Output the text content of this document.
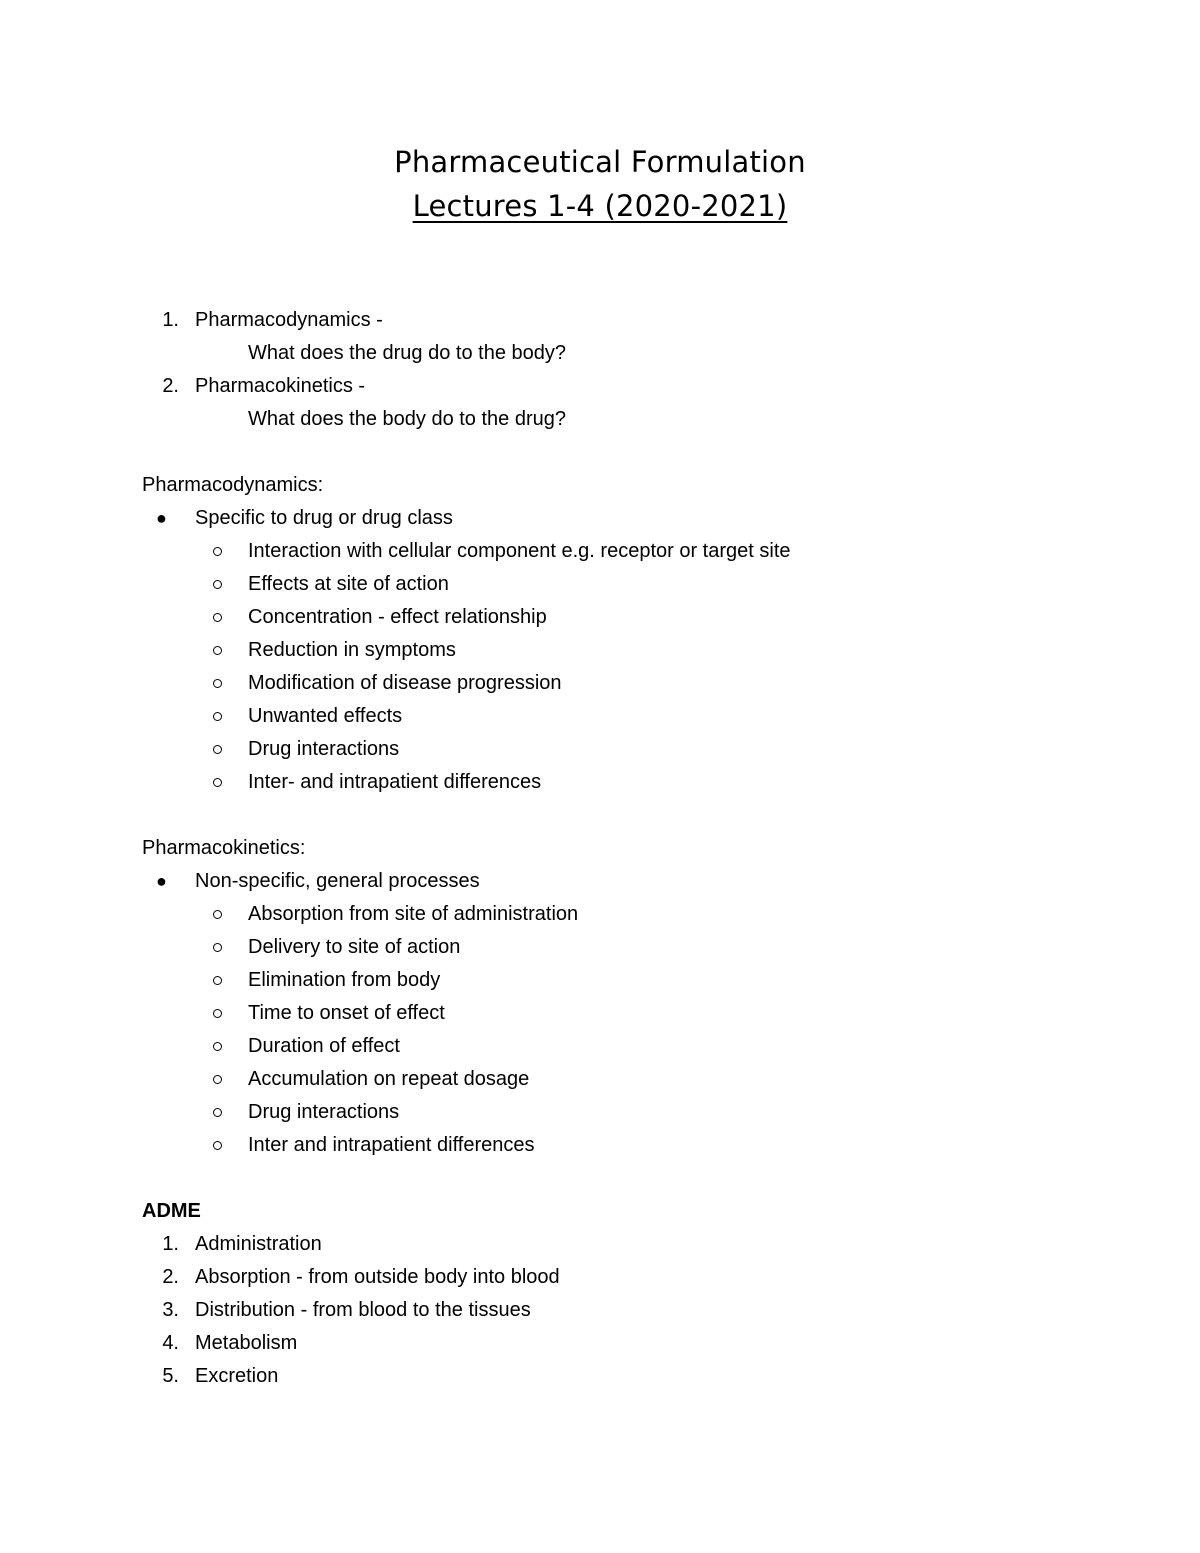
Pharmaceutical Formulation
Lectures 1-4 (2020-2021)
1. Pharmacodynamics -
What does the drug do to the body?
2. Pharmacokinetics -
What does the body do to the drug?
Pharmacodynamics:
● Specific to drug or drug class
Interaction with cellular component e.g. receptor or target site
Effects at site of action
Concentration - effect relationship
Reduction in symptoms
Modification of disease progression
Unwanted effects
Drug interactions
Inter- and intrapatient differences
Pharmacokinetics:
● Non-specific, general processes
Absorption from site of administration
Delivery to site of action
Elimination from body
Time to onset of effect
Duration of effect
Accumulation on repeat dosage
Drug interactions
Inter and intrapatient differences
ADME
1. Administration
2. Absorption - from outside body into blood
3. Distribution - from blood to the tissues
4. Metabolism
5. Excretion
